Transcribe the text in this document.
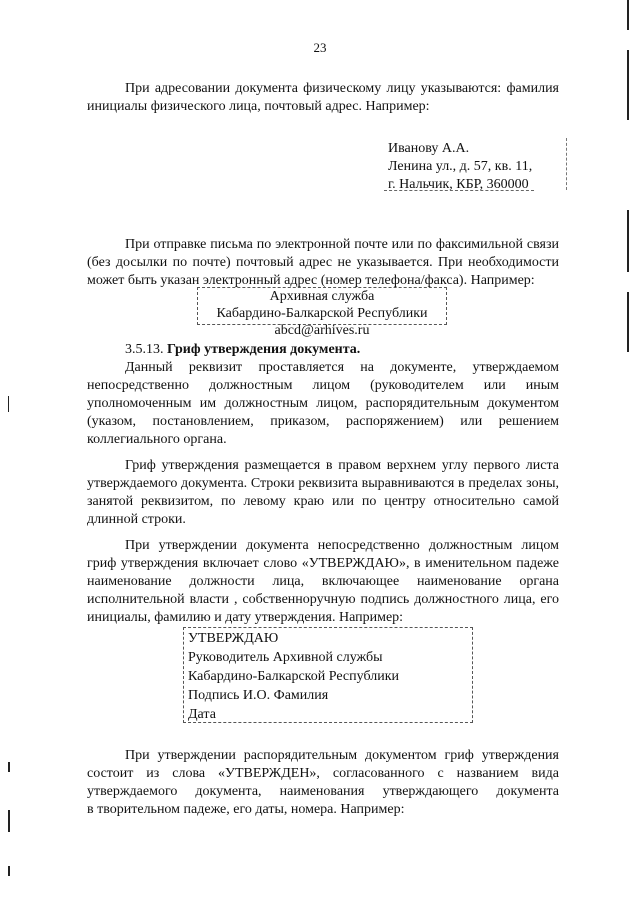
23
При адресовании документа физическому лицу указываются: фамилия
инициалы физического лица, почтовый адрес. Например:
Иванову А.А.
Ленина ул., д. 57, кв. 11,
г. Нальчик, КБР, 360000
При отправке письма по электронной почте или по факсимильной связи
(без досылки по почте) почтовый адрес не указывается. При необходимости
может быть указан электронный адрес (номер телефона/факса). Например:
Архивная служба
Кабардино-Балкарской Республики
abcd@arhives.ru
3.5.13. Гриф утверждения документа.
Данный реквизит проставляется на документе, утверждаемом
непосредственно должностным лицом (руководителем или иным
уполномоченным им должностным лицом, распорядительным документом
(указом, постановлением, приказом, распоряжением) или решением
коллегиального органа.
Гриф утверждения размещается в правом верхнем углу первого листа
утверждаемого документа. Строки реквизита выравниваются в пределах зоны,
занятой реквизитом, по левому краю или по центру относительно самой
длинной строки.
При утверждении документа непосредственно должностным лицом
гриф утверждения включает слово «УТВЕРЖДАЮ», в именительном падеже
наименование должности лица, включающее наименование органа
исполнительной власти , собственноручную подпись должностного лица, его
инициалы, фамилию и дату утверждения. Например:
УТВЕРЖДАЮ
Руководитель Архивной службы
Кабардино-Балкарской Республики
Подпись И.О. Фамилия
Дата
При утверждении распорядительным документом гриф утверждения
состоит из слова «УТВЕРЖДЕН», согласованного с названием вида
утверждаемого документа, наименования утверждающего документа
в творительном падеже, его даты, номера. Например:
